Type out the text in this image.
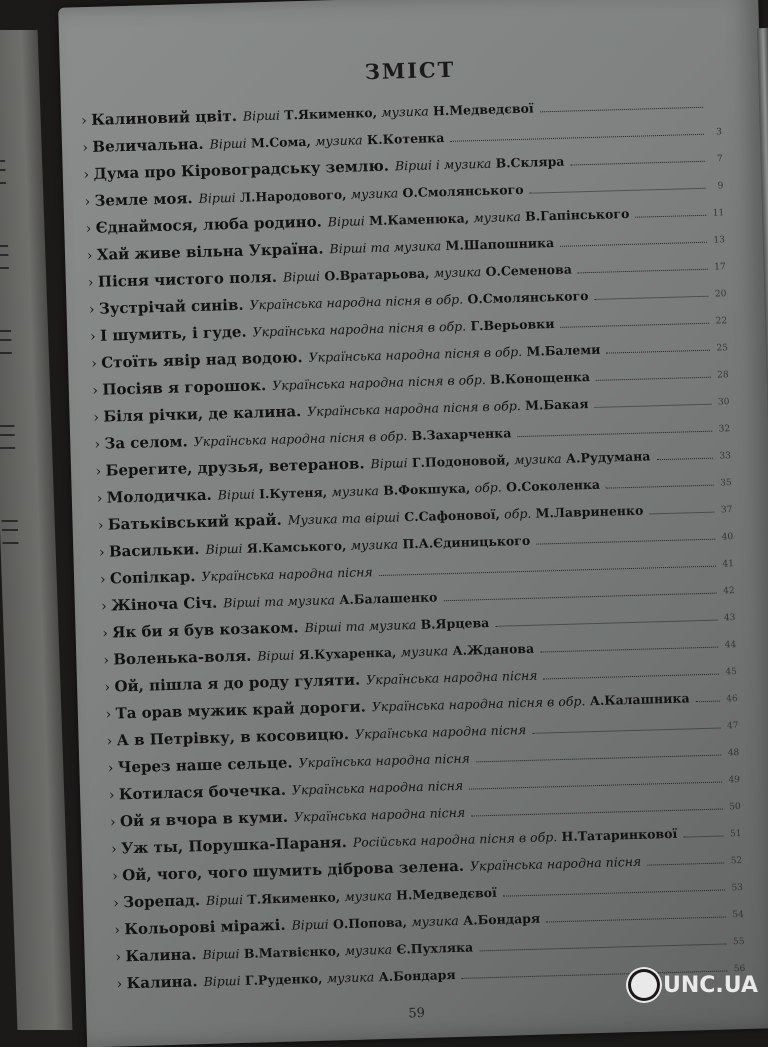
ЗМІСТ
› Калиновий цвіт . Вірші Т.Якименко, музика Н.Медведєвої
› Величальна . Вірші М.Сома, музика К.Котенка	3
› Дума про Кіровоградську землю . Вірші і музика В.Скляра	7
› Земле моя . Вірші Л.Народового, музика О.Смолянського	9
› Єднаймося, люба родино . Вірші М.Каменюка, музика В.Гапінського	11
› Хай живе вільна Україна . Вірші та музика М.Шапошника	13
› Пісня чистого поля . Вірші О.Вратарьова, музика О.Семенова	17
› Зустрічай синів . Українська народна пісня в обр. О.Смолянського	20
› І шумить, і гуде . Українська народна пісня в обр. Г.Верьовки	22
› Стоїть явір над водою . Українська народна пісня в обр. М.Балеми	25
› Посіяв я горошок . Українська народна пісня в обр. В.Конощенка	28
› Біля річки, де калина . Українська народна пісня в обр. М.Бакая	30
› За селом . Українська народна пісня в обр. В.Захарченка	32
› Берегите, друзья, ветеранов . Вірші Г.Подоновой, музика А.Рудумана	33
› Молодичка . Вірші І.Кутеня, музика В.Фокшука, обр. О.Соколенка	35
› Батьківський край . Музика та вірші С.Сафонової, обр. М.Лавриненко	37
› Васильки . Вірші Я.Камського, музика П.А.Єдиницького	40
› Сопілкар . Українська народна пісня	41
› Жіноча Січ . Вірші та музика А.Балашенко	42
› Як би я був козаком . Вірші та музика В.Ярцева	43
› Воленька-воля . Вірші Я.Кухаренка, музика А.Жданова	44
› Ой, пішла я до роду гуляти . Українська народна пісня	45
› Та орав мужик край дороги . Українська народна пісня в обр. А.Калашника	46
› А в Петрівку, в косовицю . Українська народна пісня	47
› Через наше сельце . Українська народна пісня	48
› Котилася бочечка . Українська народна пісня	49
› Ой я вчора в куми . Українська народна пісня	50
› Уж ты, Порушка-Параня . Російська народна пісня в обр. Н.Татаринкової	51
› Ой, чого, чого шумить діброва зелена . Українська народна пісня	52
› Зорепад . Вірші Т.Якименко, музика Н.Медведєвої	53
› Кольорові міражі . Вірші О.Попова, музика А.Бондаря	54
› Калина . Вірші В.Матвієнко, музика Є.Пухляка	55
› Калина . Вірші Г.Руденко, музика А.Бондаря	56
59
UNC.UA
